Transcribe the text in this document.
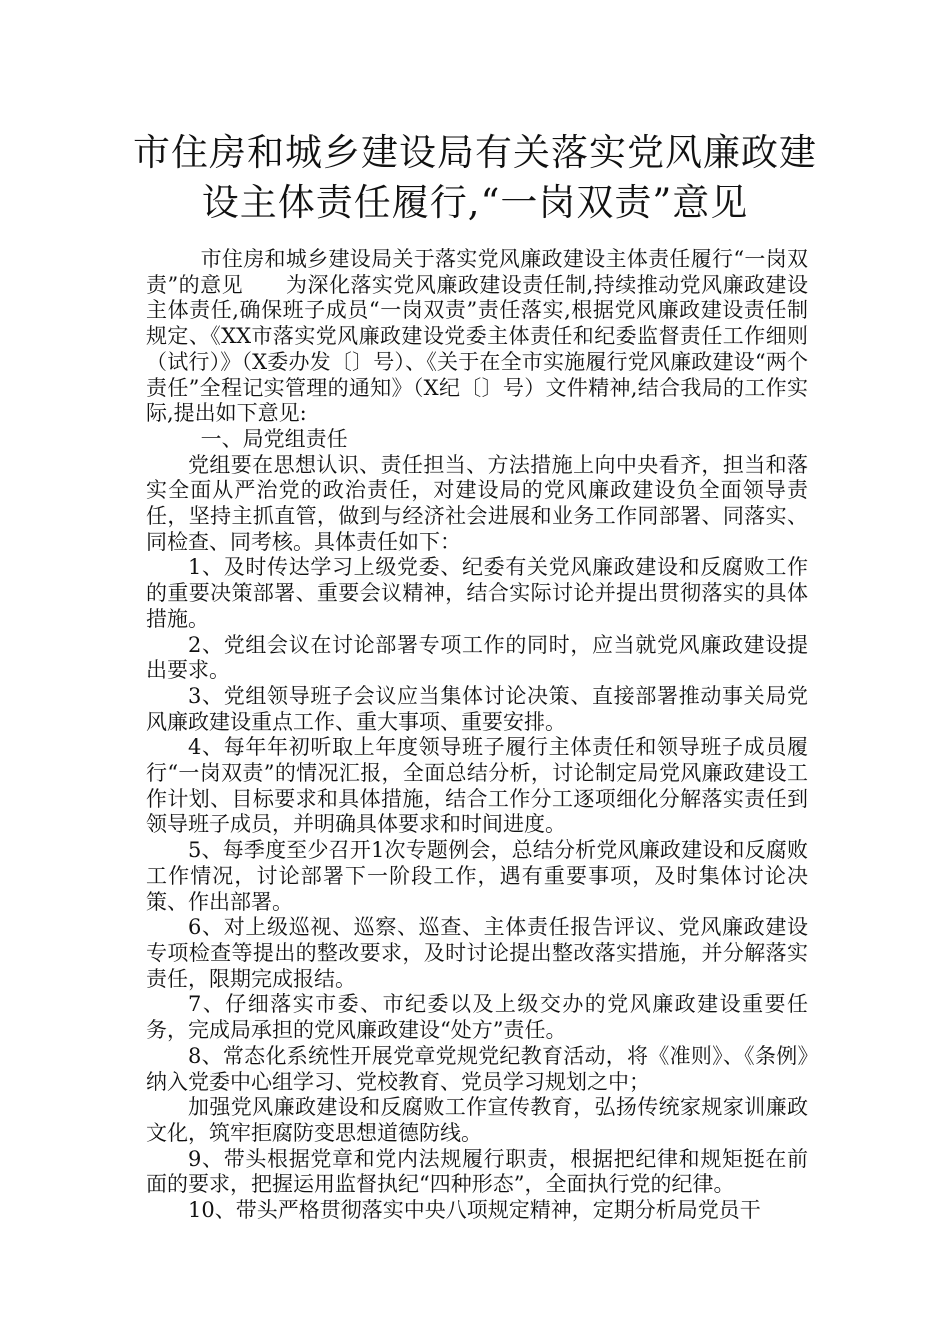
市住房和城乡建设局有关落实党风廉政建
设主体责任履行,“一岗双责”意见

市住房和城乡建设局关于落实党风廉政建设主体责任履行“一岗双责”的意见　　为深化落实党风廉政建设责任制,持续推动党风廉政建设主体责任,确保班子成员“一岗双责”责任落实,根据党风廉政建设责任制规定、《XX市落实党风廉政建设党委主体责任和纪委监督责任工作细则（试行）》（X委办发〔〕号）、《关于在全市实施履行党风廉政建设“两个责任”全程记实管理的通知》（X纪〔〕号）文件精神,结合我局的工作实际,提出如下意见:

一、局党组责任

党组要在思想认识、责任担当、方法措施上向中央看齐，担当和落实全面从严治党的政治责任，对建设局的党风廉政建设负全面领导责任，坚持主抓直管，做到与经济社会进展和业务工作同部署、同落实、同检查、同考核。具体责任如下：

1、及时传达学习上级党委、纪委有关党风廉政建设和反腐败工作的重要决策部署、重要会议精神，结合实际讨论并提出贯彻落实的具体措施。

2、党组会议在讨论部署专项工作的同时，应当就党风廉政建设提出要求。

3、党组领导班子会议应当集体讨论决策、直接部署推动事关局党风廉政建设重点工作、重大事项、重要安排。

4、每年年初听取上年度领导班子履行主体责任和领导班子成员履行“一岗双责”的情况汇报，全面总结分析，讨论制定局党风廉政建设工作计划、目标要求和具体措施，结合工作分工逐项细化分解落实责任到领导班子成员，并明确具体要求和时间进度。

5、每季度至少召开1次专题例会，总结分析党风廉政建设和反腐败工作情况，讨论部署下一阶段工作，遇有重要事项，及时集体讨论决策、作出部署。

6、对上级巡视、巡察、巡查、主体责任报告评议、党风廉政建设专项检查等提出的整改要求，及时讨论提出整改落实措施，并分解落实责任，限期完成报结。

7、仔细落实市委、市纪委以及上级交办的党风廉政建设重要任务，完成局承担的党风廉政建设“处方”责任。

8、常态化系统性开展党章党规党纪教育活动，将《准则》、《条例》纳入党委中心组学习、党校教育、党员学习规划之中；

加强党风廉政建设和反腐败工作宣传教育，弘扬传统家规家训廉政文化，筑牢拒腐防变思想道德防线。

9、带头根据党章和党内法规履行职责，根据把纪律和规矩挺在前面的要求，把握运用监督执纪“四种形态”，全面执行党的纪律。

10、带头严格贯彻落实中央八项规定精神，定期分析局党员干
